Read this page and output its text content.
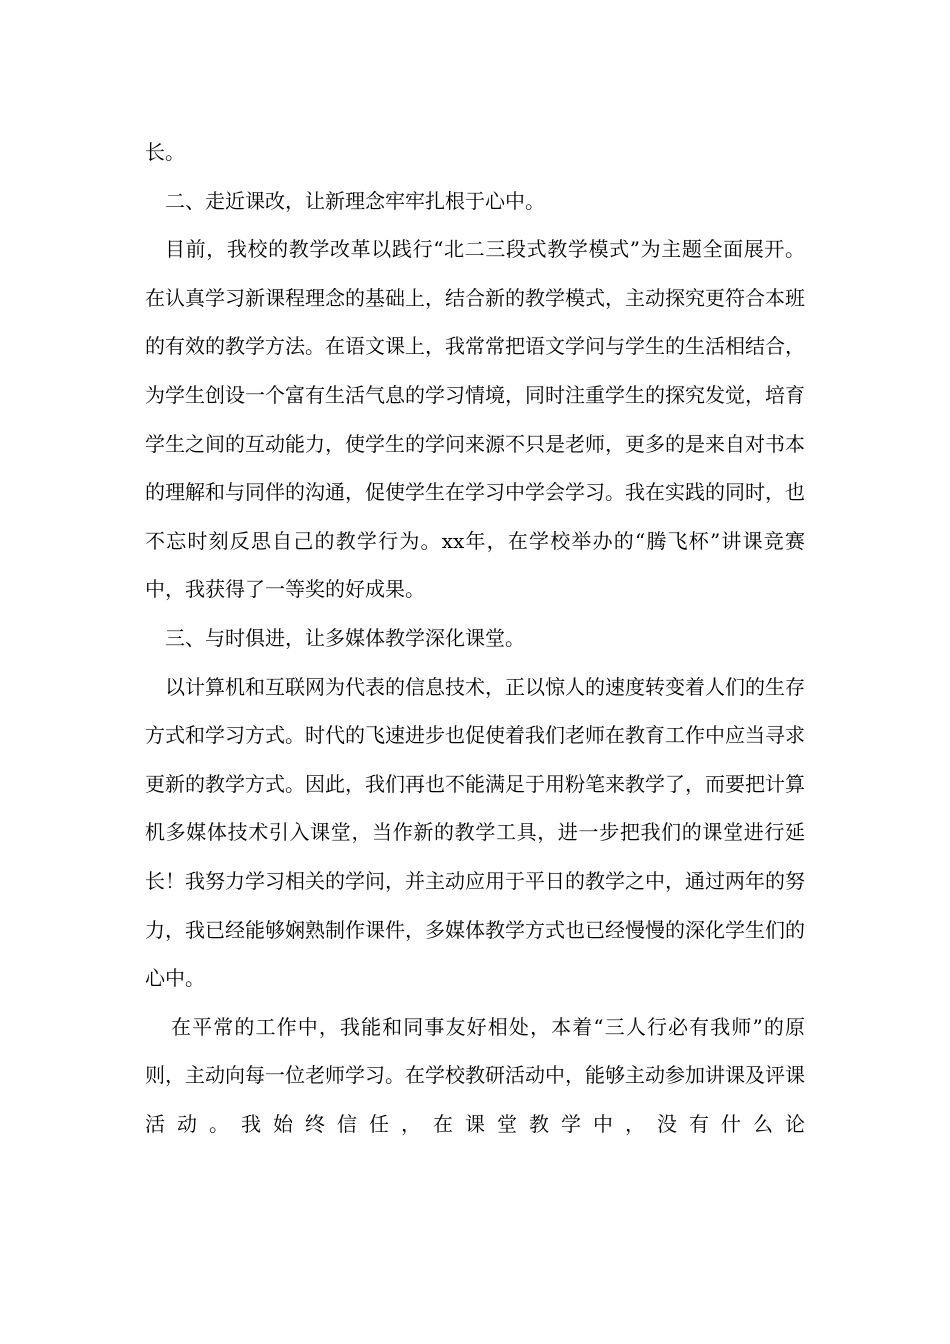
长。

二、走近课改，让新理念牢牢扎根于心中。

目前，我校的教学改革以践行“北二三段式教学模式”为主题全面展开。在认真学习新课程理念的基础上，结合新的教学模式，主动探究更符合本班的有效的教学方法。在语文课上，我常常把语文学问与学生的生活相结合，为学生创设一个富有生活气息的学习情境，同时注重学生的探究发觉，培育学生之间的互动能力，使学生的学问来源不只是老师，更多的是来自对书本的理解和与同伴的沟通，促使学生在学习中学会学习。我在实践的同时，也不忘时刻反思自己的教学行为。xx年，在学校举办的“腾飞杯”讲课竞赛中，我获得了一等奖的好成果。

三、与时俱进，让多媒体教学深化课堂。

以计算机和互联网为代表的信息技术，正以惊人的速度转变着人们的生存方式和学习方式。时代的飞速进步也促使着我们老师在教育工作中应当寻求更新的教学方式。因此，我们再也不能满足于用粉笔来教学了，而要把计算机多媒体技术引入课堂，当作新的教学工具，进一步把我们的课堂进行延长！我努力学习相关的学问，并主动应用于平日的教学之中，通过两年的努力，我已经能够娴熟制作课件，多媒体教学方式也已经慢慢的深化学生们的心中。

在平常的工作中，我能和同事友好相处，本着“三人行必有我师”的原则，主动向每一位老师学习。在学校教研活动中，能够主动参加讲课及评课活动。我始终信任，在课堂教学中，没有什么论
